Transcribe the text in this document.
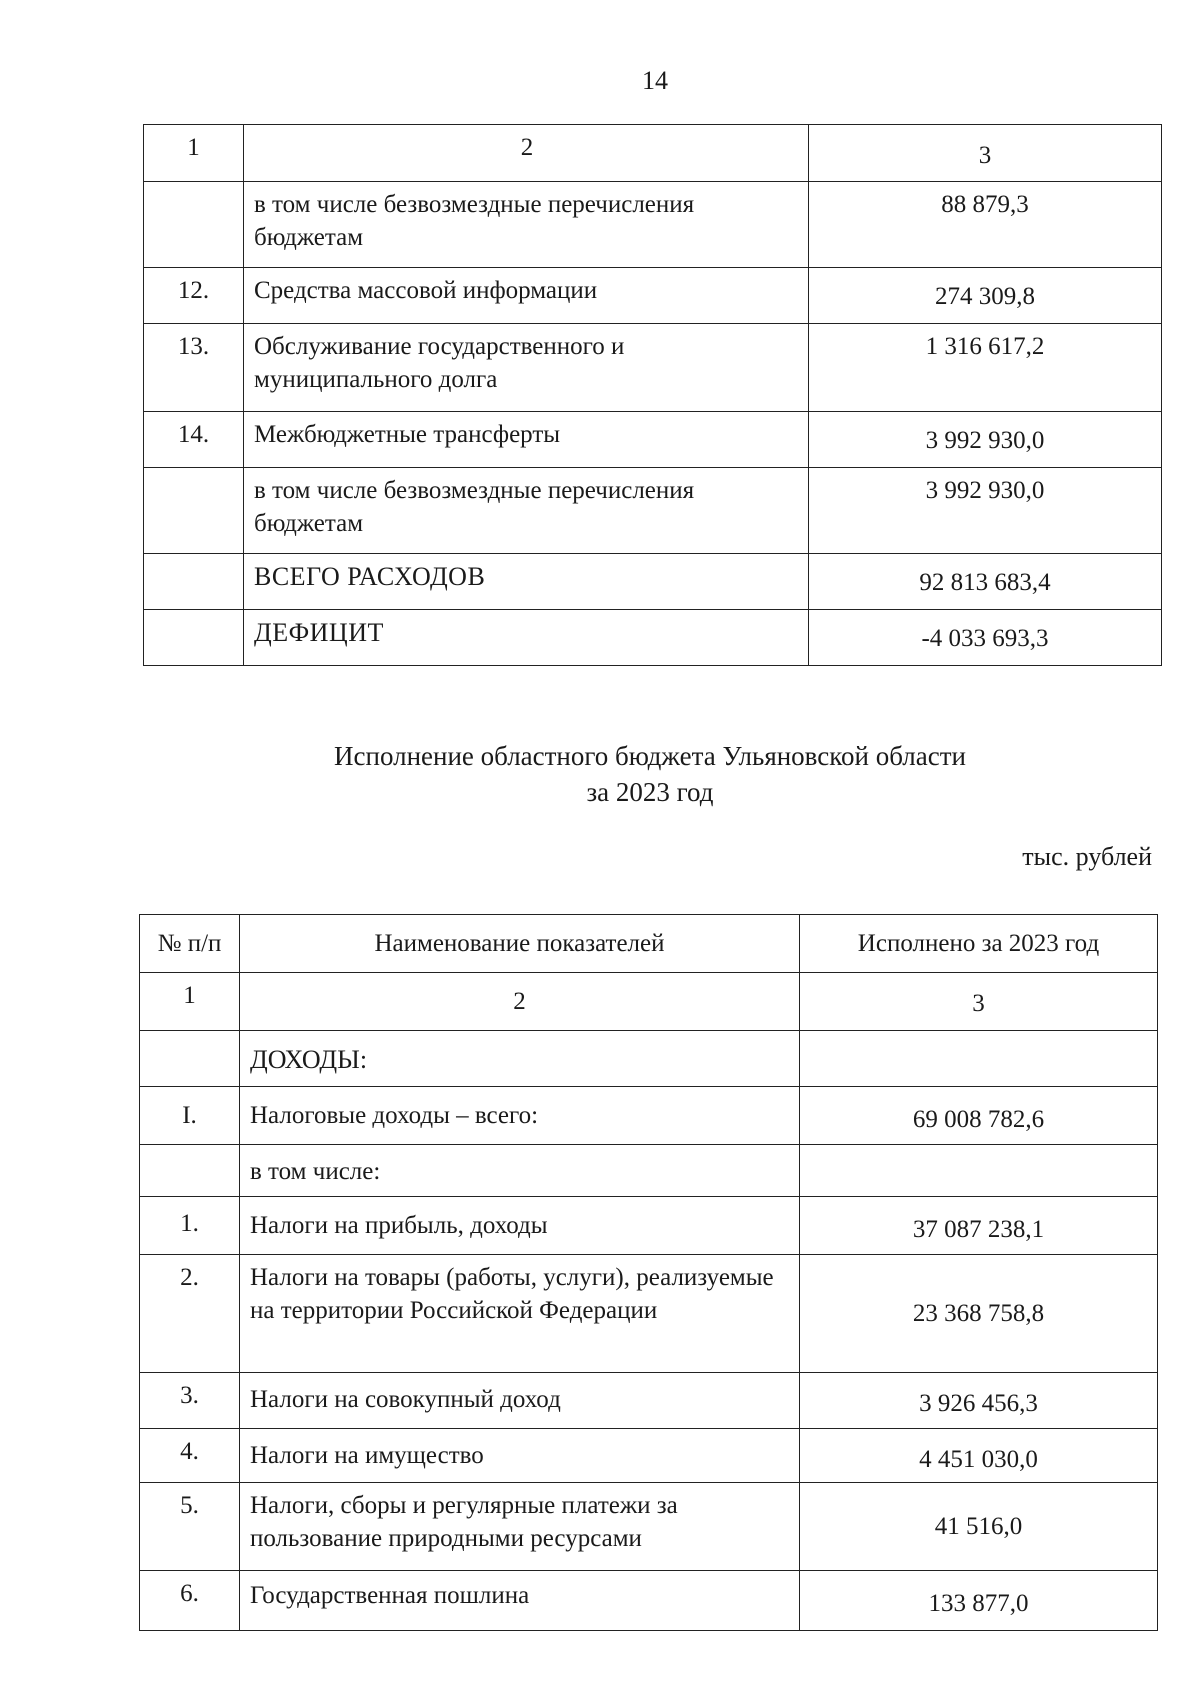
14
1	2	3
	в том числе безвозмездные перечисления бюджетам	88 879,3
12.	Средства массовой информации	274 309,8
13.	Обслуживание государственного и муниципального долга	1 316 617,2
14.	Межбюджетные трансферты	3 992 930,0
	в том числе безвозмездные перечисления бюджетам	3 992 930,0
	ВСЕГО РАСХОДОВ	92 813 683,4
	ДЕФИЦИТ	-4 033 693,3
Исполнение областного бюджета Ульяновской области
за 2023 год
тыс. рублей
№ п/п	Наименование показателей	Исполнено за 2023 год
1	2	3
	ДОХОДЫ:	
I.	Налоговые доходы – всего:	69 008 782,6
	в том числе:	
1.	Налоги на прибыль, доходы	37 087 238,1
2.	Налоги на товары (работы, услуги), реализуемые на территории Российской Федерации	23 368 758,8
3.	Налоги на совокупный доход	3 926 456,3
4.	Налоги на имущество	4 451 030,0
5.	Налоги, сборы и регулярные платежи за пользование природными ресурсами	41 516,0
6.	Государственная пошлина	133 877,0
